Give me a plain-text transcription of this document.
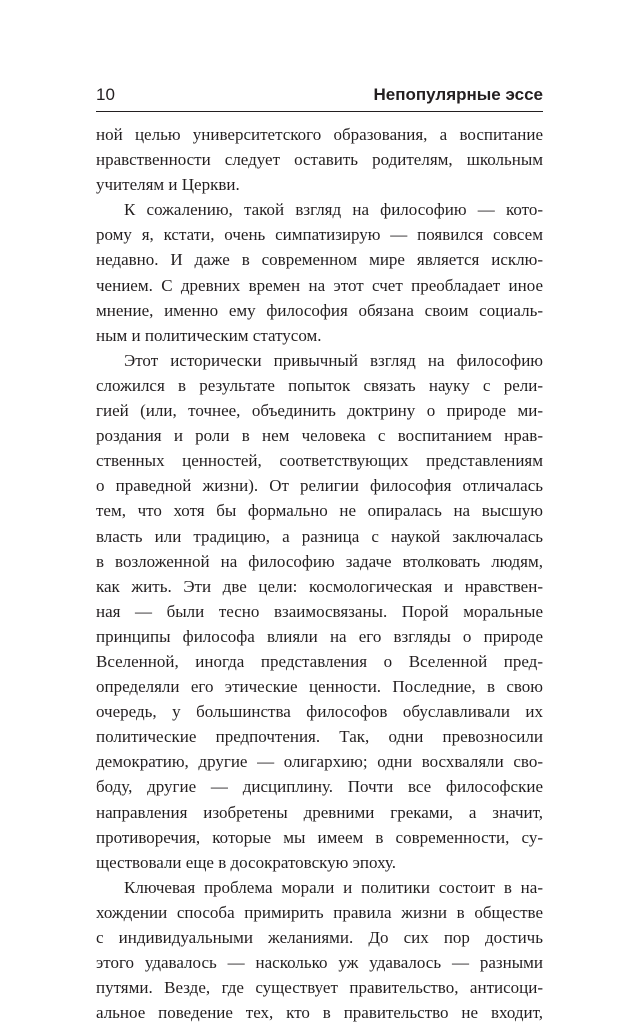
10	Непопулярные эссе
ной целью университетского образования, а воспитание
нравственности следует оставить родителям, школьным
учителям и Церкви.
К сожалению, такой взгляд на философию — кото-
рому я, кстати, очень симпатизирую — появился совсем
недавно. И даже в современном мире является исклю-
чением. С древних времен на этот счет преобладает иное
мнение, именно ему философия обязана своим социаль-
ным и политическим статусом.
Этот исторически привычный взгляд на философию
сложился в результате попыток связать науку с рели-
гией (или, точнее, объединить доктрину о природе ми-
роздания и роли в нем человека с воспитанием нрав-
ственных ценностей, соответствующих представлениям
о праведной жизни). От религии философия отличалась
тем, что хотя бы формально не опиралась на высшую
власть или традицию, а разница с наукой заключалась
в возложенной на философию задаче втолковать людям,
как жить. Эти две цели: космологическая и нравствен-
ная — были тесно взаимосвязаны. Порой моральные
принципы философа влияли на его взгляды о природе
Вселенной, иногда представления о Вселенной пред-
определяли его этические ценности. Последние, в свою
очередь, у большинства философов обуславливали их
политические предпочтения. Так, одни превозносили
демократию, другие — олигархию; одни восхваляли сво-
боду, другие — дисциплину. Почти все философские
направления изобретены древними греками, а значит,
противоречия, которые мы имеем в современности, су-
ществовали еще в досократовскую эпоху.
Ключевая проблема морали и политики состоит в на-
хождении способа примирить правила жизни в обществе
с индивидуальными желаниями. До сих пор достичь
этого удавалось — насколько уж удавалось — разными
путями. Везде, где существует правительство, антисоци-
альное поведение тех, кто в правительство не входит,
